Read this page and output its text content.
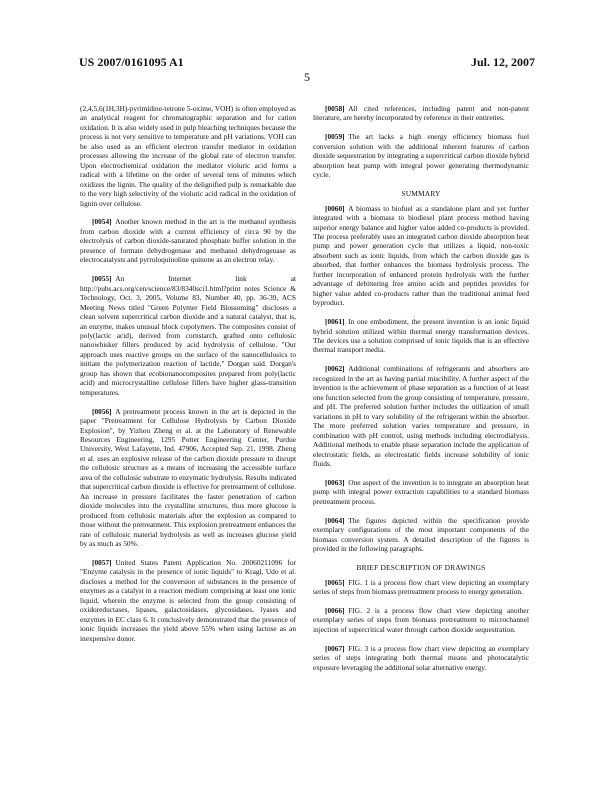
US 2007/0161095 A1	Jul. 12, 2007
5

(2,4,5,6(1H,3H)-pyrimidine-tetrone 5-oxime, VOH) is often employed as an analytical reagent for chromatographic separation and for cation oxidation. It is also widely used in pulp bleaching techniques because the process is not very sensitive to temperature and pH variations. VOH can be also used as an efficient electron transfer mediator in oxidation processes allowing the increase of the global rate of electron transfer. Upon electrochemical oxidation the mediator violuric acid forms a radical with a lifetime on the order of several tens of minutes which oxidizes the lignin. The quality of the delignified pulp is remarkable due to the very high selectivity of the violuric acid radical in the oxidation of lignin over cellulose.

[0054]  Another known method in the art is the methanol synthesis from carbon dioxide with a current efficiency of circa 90 by the electrolysis of carbon dioxide-saturated phosphate buffer solution in the presence of formate dehydrogenase and methanol dehydrogenase as electrocatalysts and pyrroloquinoline quinone as an electron relay.

[0055]  An Internet link at http://pubs.acs.org/cen/science/83/8340sci1.html?print notes Science & Technology, Oct. 3, 2005, Volume 83, Number 40, pp. 36-39, ACS Meeting News titled "Green Polymer Field Blossoming" discloses a clean solvent supercritical carbon dioxide and a natural catalyst, that is, an enzyme, makes unusual block copolymers. The composites consist of poly(lactic acid), derived from cornstarch, grafted onto cellulosic nanowhisker fillers produced by acid hydrolysis of cellulose. "Our approach uses reactive groups on the surface of the nanocellulosics to initiate the polymerization reaction of lactide," Dorgan said. Dorgan's group has shown that ecobionanocomposites prepared from poly(lactic acid) and microcrystalline cellulose fillers have higher glass-transition temperatures.

[0056]  A pretreatment process known in the art is depicted in the paper "Pretreatment for Cellulose Hydrolysis by Carbon Dioxide Explosion", by Yizhou Zheng et al. at the Laboratory of Renewable Resources Engineering, 1295 Potter Engineering Center, Purdue University, West Lafayette, Ind. 47906, Accepted Sep. 21, 1998. Zheng et al. uses an explosive release of the carbon dioxide pressure to disrupt the cellulosic structure as a means of increasing the accessible surface area of the cellulosic substrate to enzymatic hydrolysis. Results indicated that supercritical carbon dioxide is effective for pretreatment of cellulose. An increase in pressure facilitates the faster penetration of carbon dioxide molecules into the crystalline structures, thus more glucose is produced from cellulosic materials after the explosion as compared to those without the pretreatment. This explosion pretreatment enhances the rate of cellulosic material hydrolysis as well as increases glucose yield by as much as 50%.

[0057]  United States Patent Application No. 20060211096 for "Enzyme catalysis in the presence of ionic liquids" to Kragl, Udo et al. discloses a method for the conversion of substances in the presence of enzymes as a catalyst in a reaction medium comprising at least one ionic liquid, wherein the enzyme is selected from the group consisting of oxidoreductases, lipases, galactosidases, glycosidases, lyases and enzymes in EC class 6. It conclusively demonstrated that the presence of ionic liquids increases the yield above 55% when using lactose as an inexpensive donor.

[0058]  All cited references, including patent and non-patent literature, are hereby incorporated by reference in their entireties.

[0059]  The art lacks a high energy efficiency biomass fuel conversion solution with the additional inherent features of carbon dioxide sequestration by integrating a supercritical carbon dioxide hybrid absorption heat pump with integral power generating thermodynamic cycle.

SUMMARY

[0060]  A biomass to biofuel as a standalone plant and yet further integrated with a biomass to biodiesel plant process method having superior energy balance and higher value added co-products is provided. The process preferably uses an integrated carbon dioxide absorption heat pump and power generation cycle that utilizes a liquid, non-toxic absorbent such as ionic liquids, from which the carbon dioxide gas is absorbed, that further enhances the biomass hydrolysis process. The further incorporation of enhanced protein hydrolysis with the further advantage of debittering free amino acids and peptides provides for higher value added co-products rather than the traditional animal feed byproduct.

[0061]  In one embodiment, the present invention is an ionic liquid hybrid solution utilized within thermal energy transformation devices. The devices use a solution comprised of ionic liquids that is an effective thermal transport media.

[0062]  Additional combinations of refrigerants and absorbers are recognized in the art as having partial miscibility. A further aspect of the invention is the achievement of phase separation as a function of at least one function selected from the group consisting of temperature, pressure, and pH. The preferred solution further includes the utilization of small variations in pH to vary solubility of the refrigerant within the absorber. The more preferred solution varies temperature and pressure, in combination with pH control, using methods including electrodialysis. Additional methods to enable phase separation include the application of electrostatic fields, as electrostatic fields increase solubility of ionic fluids.

[0063]  One aspect of the invention is to integrate an absorption heat pump with integral power extraction capabilities to a standard biomass pretreatment process.

[0064]  The figures depicted within the specification provide exemplary configurations of the most important components of the biomass conversion system. A detailed description of the figures is provided in the following paragraphs.

BRIEF DESCRIPTION OF DRAWINGS

[0065]  FIG. 1 is a process flow chart view depicting an exemplary series of steps from biomass pretreatment process to energy generation.

[0066]  FIG. 2 is a process flow chart view depicting another exemplary series of steps from biomass pretreatment to microchannel injection of supercritical water through carbon dioxide sequestration.

[0067]  FIG. 3 is a process flow chart view depicting an exemplary series of steps integrating both thermal means and photocatalytic exposure leveraging the additional solar alternative energy.
